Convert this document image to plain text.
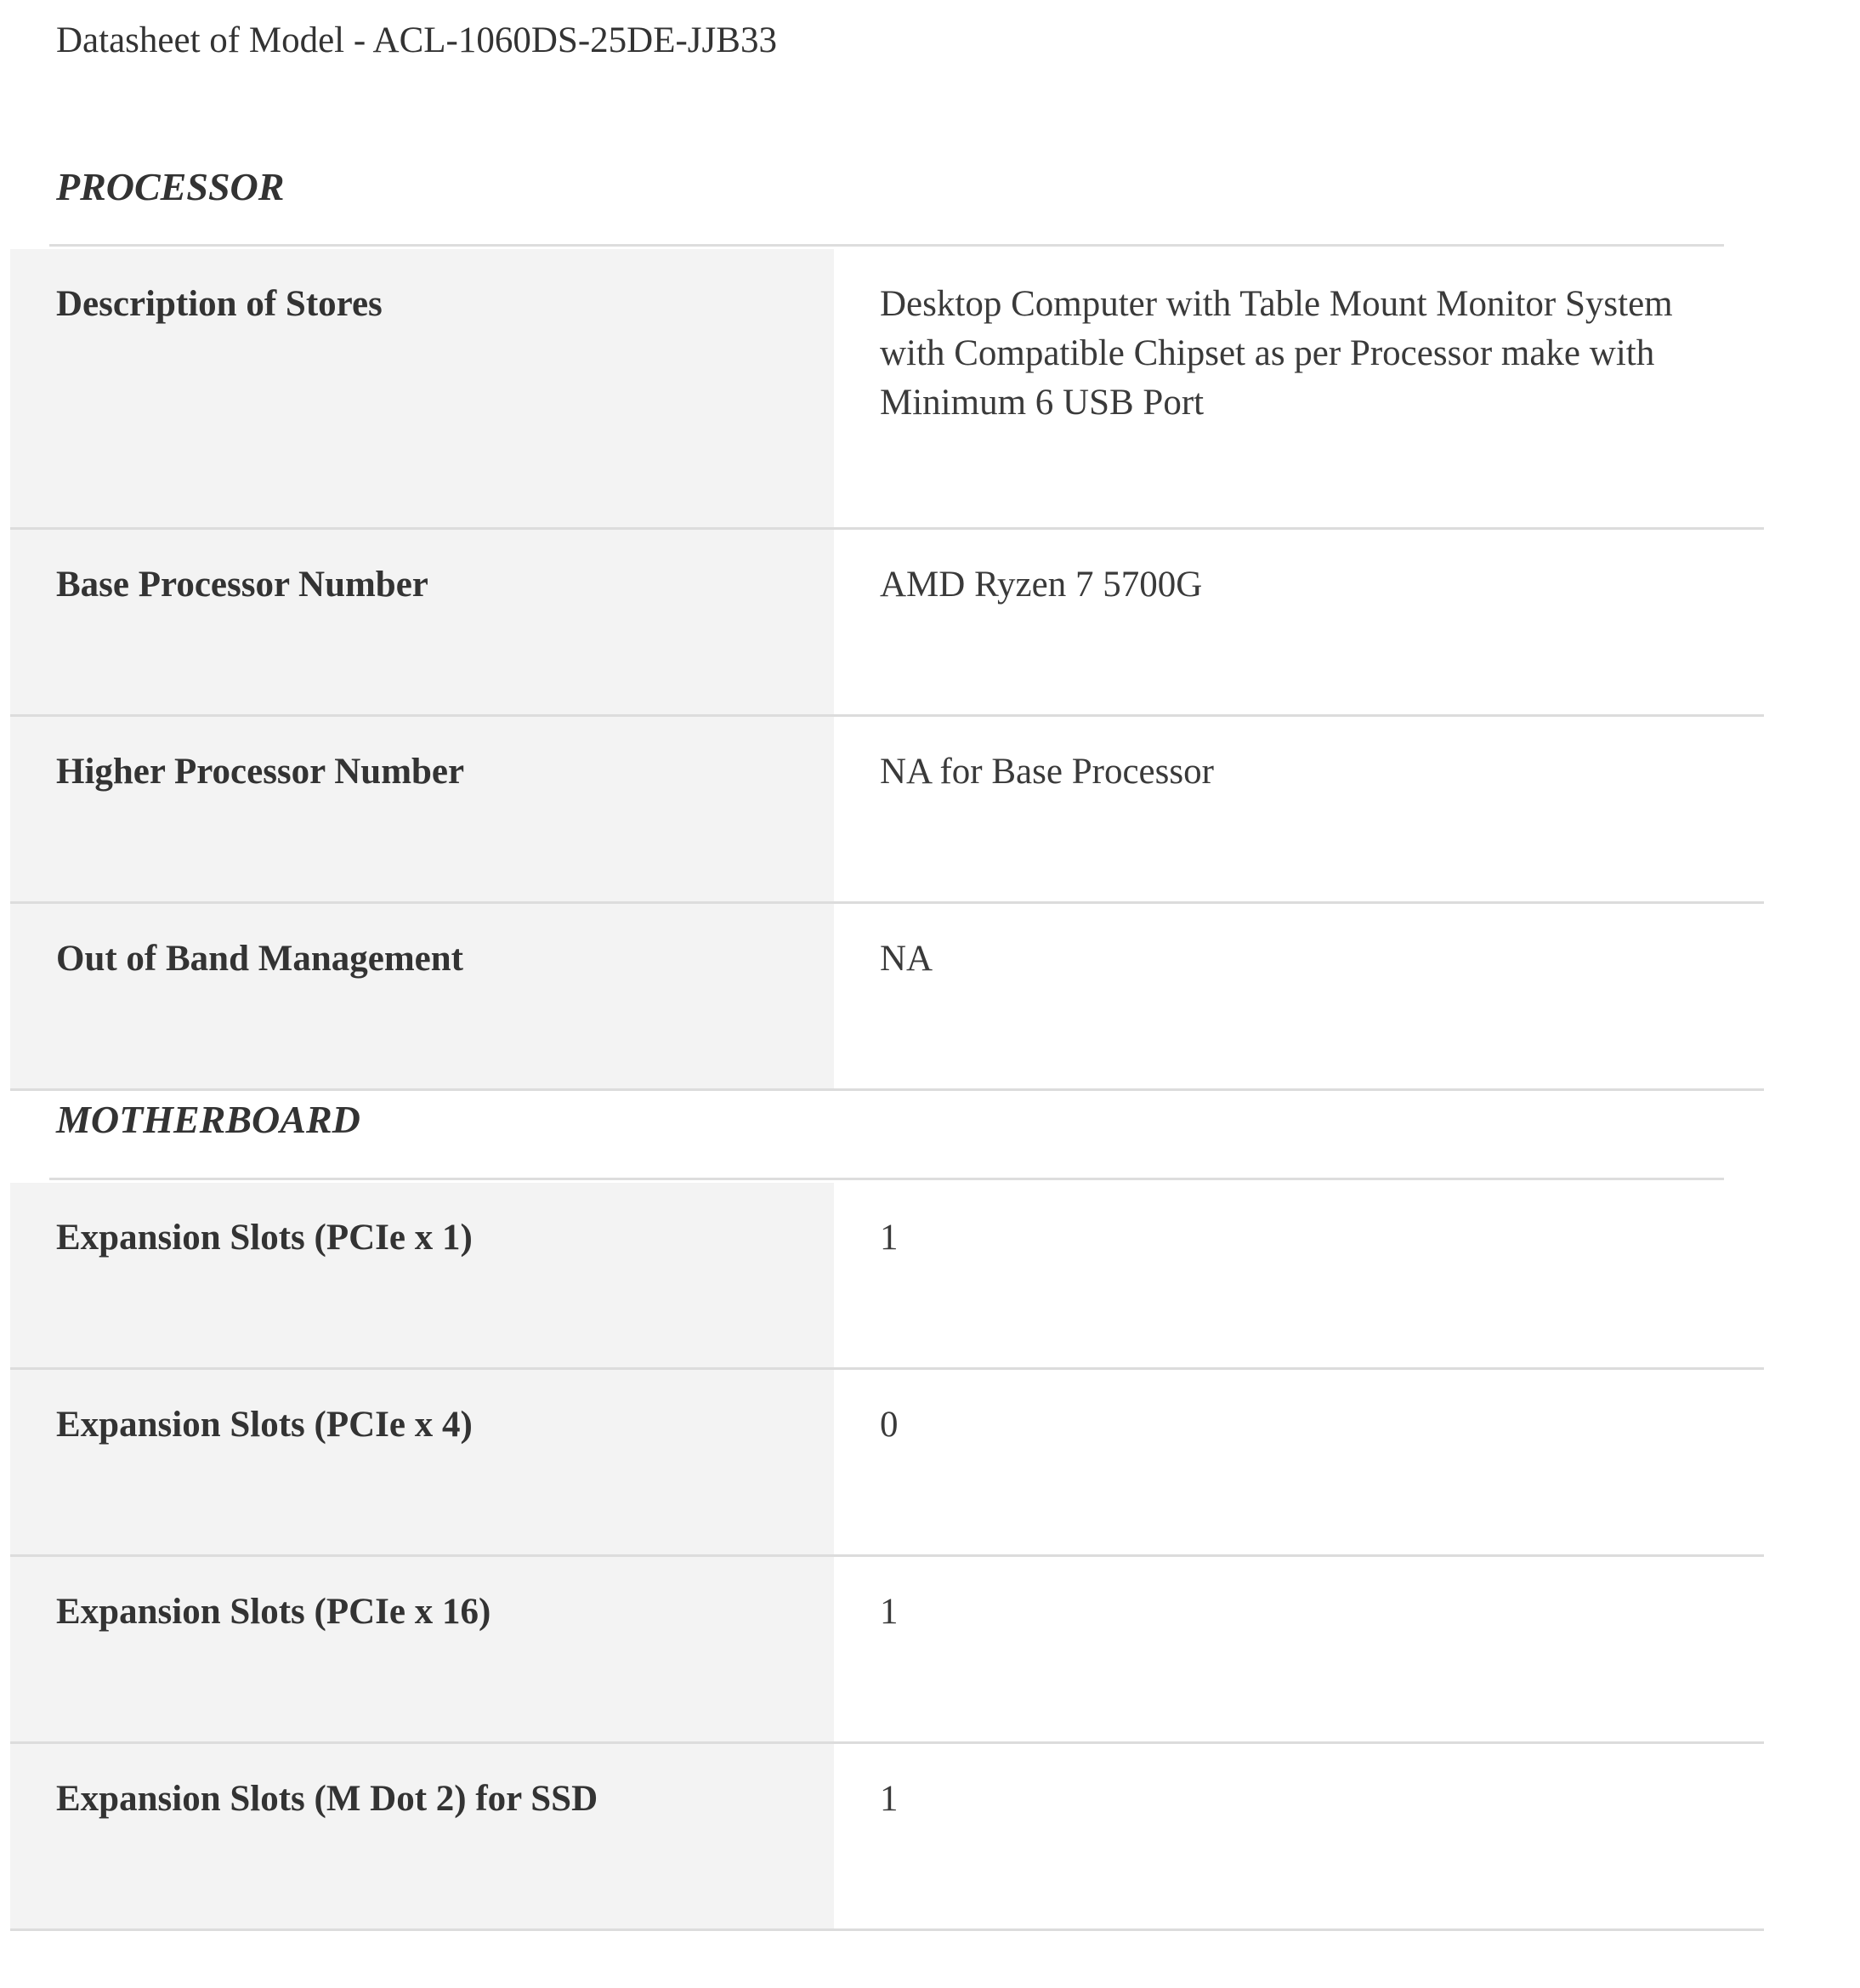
Datasheet of Model - ACL-1060DS-25DE-JJB33
PROCESSOR
Description of Stores	Desktop Computer with Table Mount Monitor System with Compatible Chipset as per Processor make with Minimum 6 USB Port
Base Processor Number	AMD Ryzen 7 5700G
Higher Processor Number	NA for Base Processor
Out of Band Management	NA
MOTHERBOARD
Expansion Slots (PCIe x 1)	1
Expansion Slots (PCIe x 4)	0
Expansion Slots (PCIe x 16)	1
Expansion Slots (M Dot 2) for SSD	1
